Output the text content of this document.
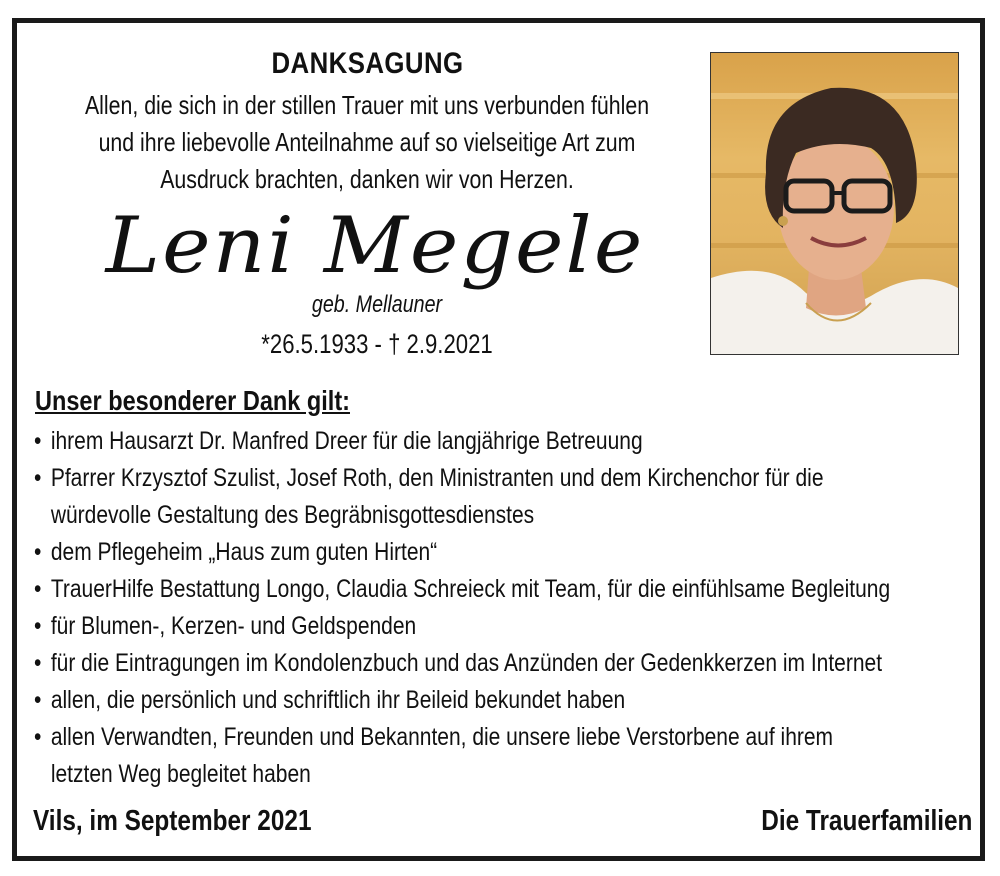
DANKSAGUNG
Allen, die sich in der stillen Trauer mit uns verbunden fühlen
und ihre liebevolle Anteilnahme auf so vielseitige Art zum
Ausdruck brachten, danken wir von Herzen.
Leni Megele
geb. Mellauner
*26.5.1933 - † 2.9.2021
Unser besonderer Dank gilt:
• ihrem Hausarzt Dr. Manfred Dreer für die langjährige Betreuung
• Pfarrer Krzysztof Szulist, Josef Roth, den Ministranten und dem Kirchenchor für die
würdevolle Gestaltung des Begräbnisgottesdienstes
• dem Pflegeheim „Haus zum guten Hirten“
• TrauerHilfe Bestattung Longo, Claudia Schreieck mit Team, für die einfühlsame Begleitung
• für Blumen-, Kerzen- und Geldspenden
• für die Eintragungen im Kondolenzbuch und das Anzünden der Gedenkkerzen im Internet
• allen, die persönlich und schriftlich ihr Beileid bekundet haben
• allen Verwandten, Freunden und Bekannten, die unsere liebe Verstorbene auf ihrem
letzten Weg begleitet haben
Vils, im September 2021	Die Trauerfamilien
